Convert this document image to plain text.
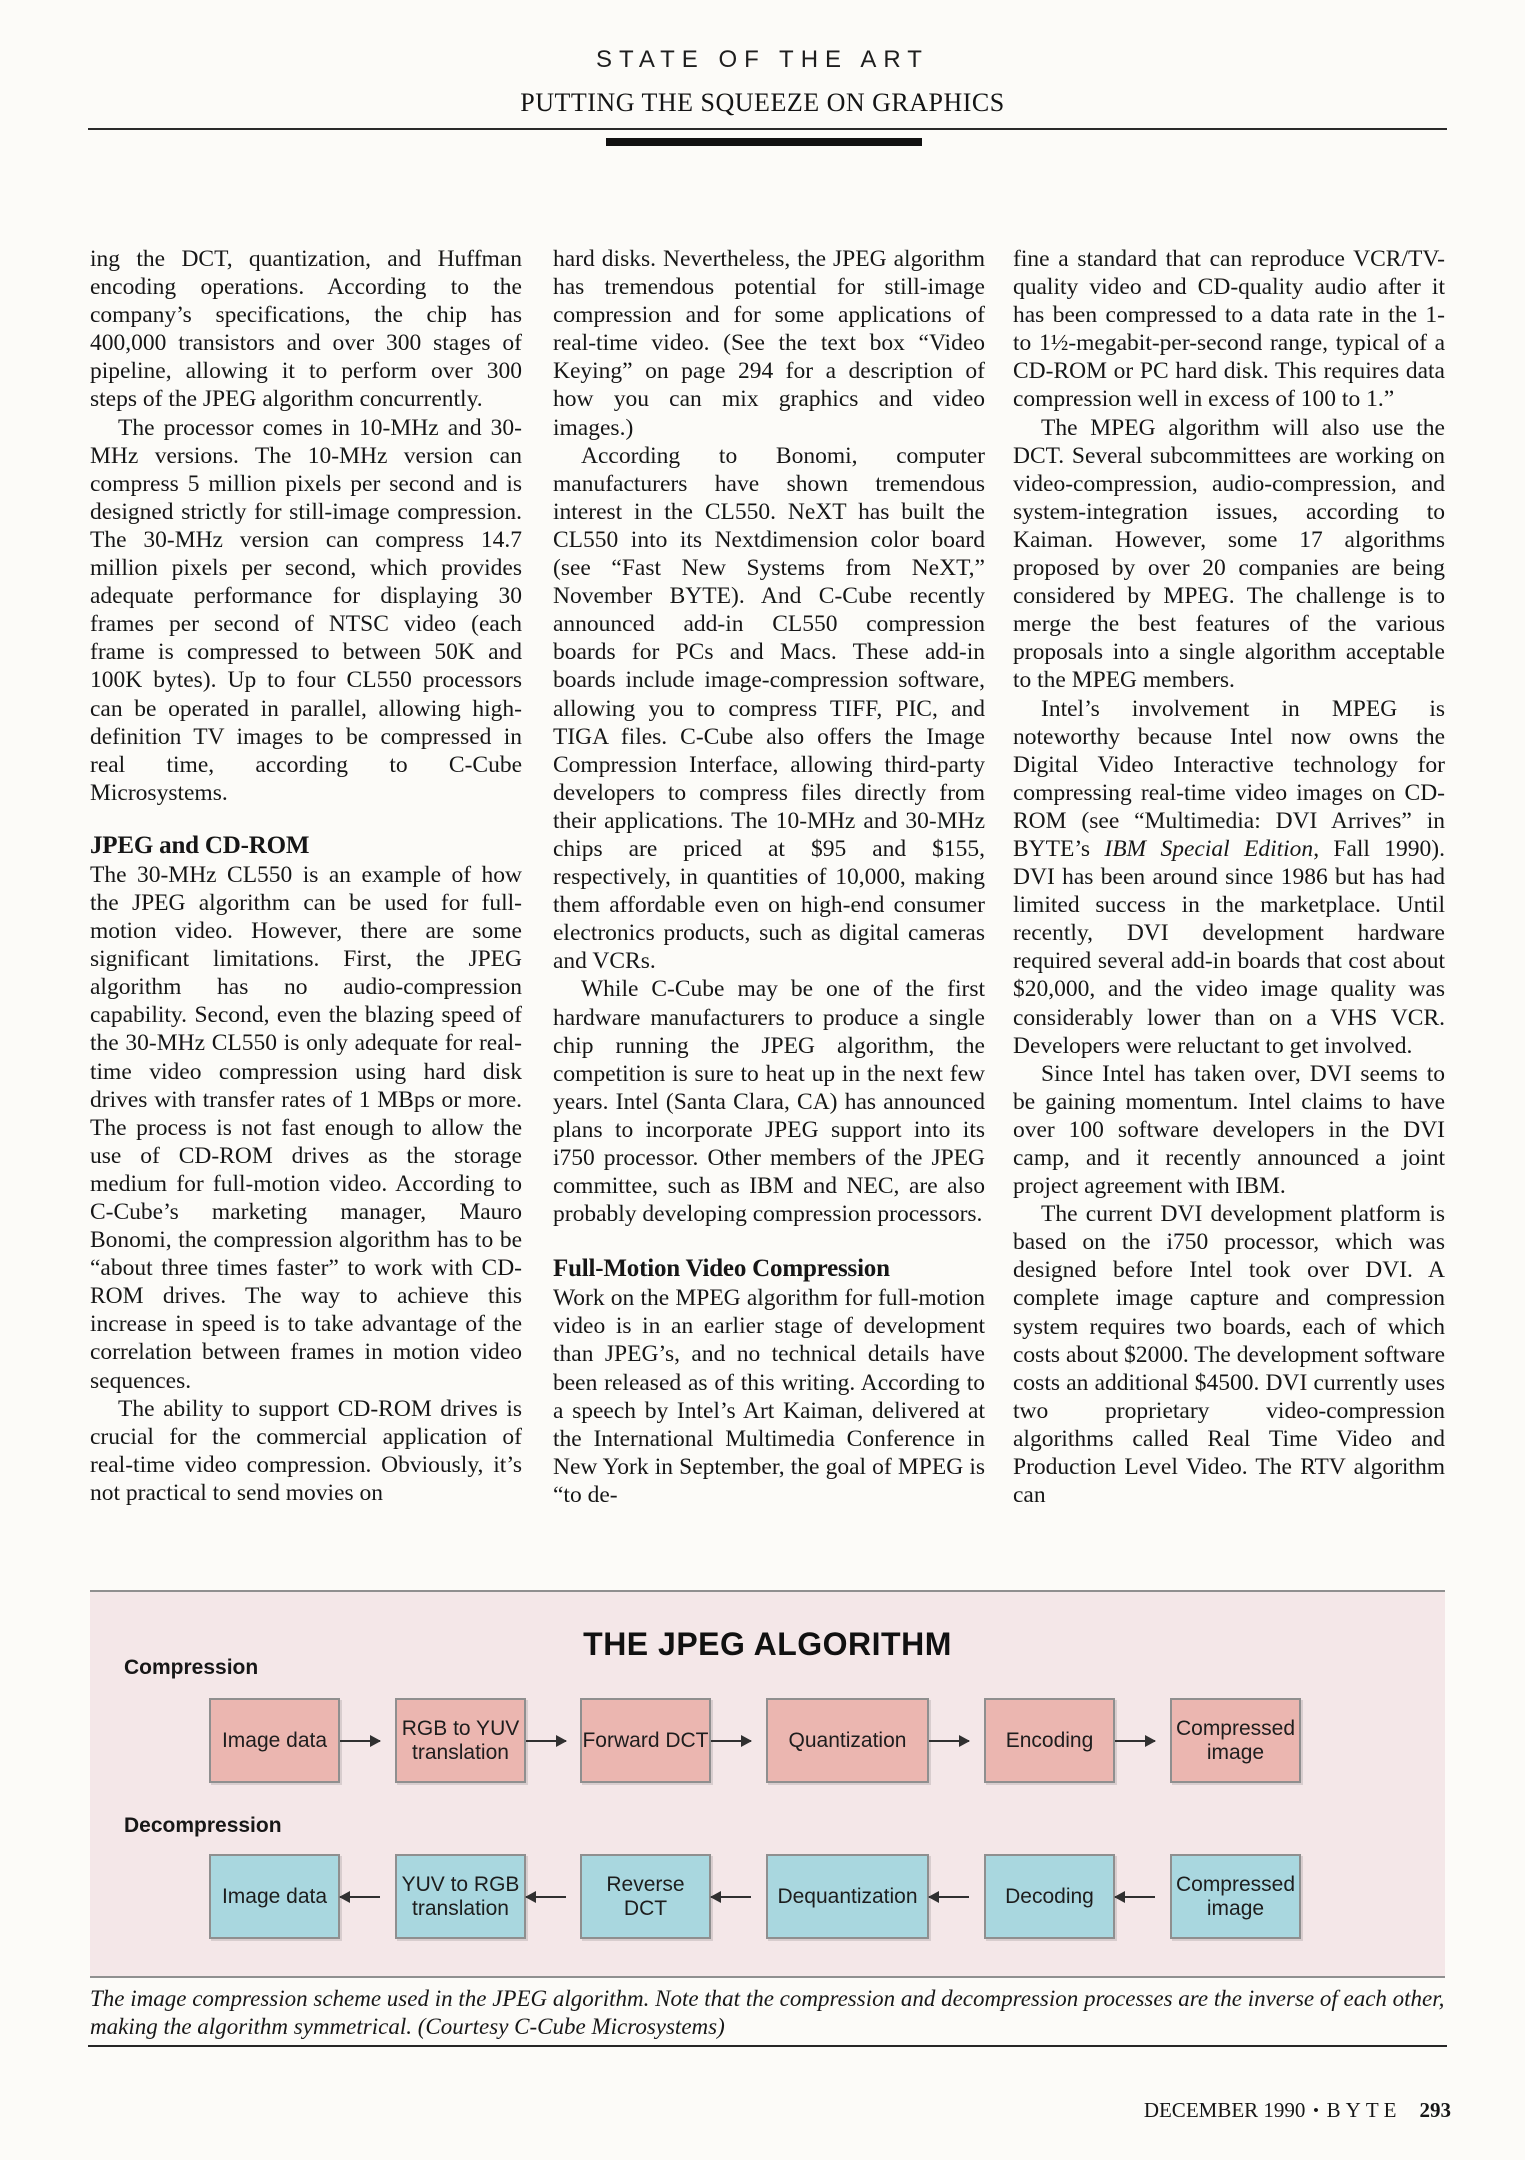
STATE OF THE ART
PUTTING THE SQUEEZE ON GRAPHICS

ing the DCT, quantization, and Huffman encoding operations. According to the company’s specifications, the chip has 400,000 transistors and over 300 stages of pipeline, allowing it to perform over 300 steps of the JPEG algorithm concurrently.

The processor comes in 10-MHz and 30-MHz versions. The 10-MHz version can compress 5 million pixels per second and is designed strictly for still-image compression. The 30-MHz version can compress 14.7 million pixels per second, which provides adequate performance for displaying 30 frames per second of NTSC video (each frame is compressed to between 50K and 100K bytes). Up to four CL550 processors can be operated in parallel, allowing high-definition TV images to be compressed in real time, according to C-Cube Microsystems.

JPEG and CD-ROM

The 30-MHz CL550 is an example of how the JPEG algorithm can be used for full-motion video. However, there are some significant limitations. First, the JPEG algorithm has no audio-compression capability. Second, even the blazing speed of the 30-MHz CL550 is only adequate for real-time video compression using hard disk drives with transfer rates of 1 MBps or more. The process is not fast enough to allow the use of CD-ROM drives as the storage medium for full-motion video. According to C-Cube’s marketing manager, Mauro Bonomi, the compression algorithm has to be “about three times faster” to work with CD-ROM drives. The way to achieve this increase in speed is to take advantage of the correlation between frames in motion video sequences.

The ability to support CD-ROM drives is crucial for the commercial application of real-time video compression. Obviously, it’s not practical to send movies on

hard disks. Nevertheless, the JPEG algorithm has tremendous potential for still-image compression and for some applications of real-time video. (See the text box “Video Keying” on page 294 for a description of how you can mix graphics and video images.)

According to Bonomi, computer manufacturers have shown tremendous interest in the CL550. NeXT has built the CL550 into its Nextdimension color board (see “Fast New Systems from NeXT,” November BYTE). And C-Cube recently announced add-in CL550 compression boards for PCs and Macs. These add-in boards include image-compression software, allowing you to compress TIFF, PIC, and TIGA files. C-Cube also offers the Image Compression Interface, allowing third-party developers to compress files directly from their applications. The 10-MHz and 30-MHz chips are priced at $95 and $155, respectively, in quantities of 10,000, making them affordable even on high-end consumer electronics products, such as digital cameras and VCRs.

While C-Cube may be one of the first hardware manufacturers to produce a single chip running the JPEG algorithm, the competition is sure to heat up in the next few years. Intel (Santa Clara, CA) has announced plans to incorporate JPEG support into its i750 processor. Other members of the JPEG committee, such as IBM and NEC, are also probably developing compression processors.

Full-Motion Video Compression

Work on the MPEG algorithm for full-motion video is in an earlier stage of development than JPEG’s, and no technical details have been released as of this writing. According to a speech by Intel’s Art Kaiman, delivered at the International Multimedia Conference in New York in September, the goal of MPEG is “to de-

fine a standard that can reproduce VCR/TV-quality video and CD-quality audio after it has been compressed to a data rate in the 1- to 1½-megabit-per-second range, typical of a CD-ROM or PC hard disk. This requires data compression well in excess of 100 to 1.”

The MPEG algorithm will also use the DCT. Several subcommittees are working on video-compression, audio-compression, and system-integration issues, according to Kaiman. However, some 17 algorithms proposed by over 20 companies are being considered by MPEG. The challenge is to merge the best features of the various proposals into a single algorithm acceptable to the MPEG members.

Intel’s involvement in MPEG is noteworthy because Intel now owns the Digital Video Interactive technology for compressing real-time video images on CD-ROM (see “Multimedia: DVI Arrives” in BYTE’s IBM Special Edition, Fall 1990). DVI has been around since 1986 but has had limited success in the marketplace. Until recently, DVI development hardware required several add-in boards that cost about $20,000, and the video image quality was considerably lower than on a VHS VCR. Developers were reluctant to get involved.

Since Intel has taken over, DVI seems to be gaining momentum. Intel claims to have over 100 software developers in the DVI camp, and it recently announced a joint project agreement with IBM.

The current DVI development platform is based on the i750 processor, which was designed before Intel took over DVI. A complete image capture and compression system requires two boards, each of which costs about $2000. The development software costs an additional $4500. DVI currently uses two proprietary video-compression algorithms called Real Time Video and Production Level Video. The RTV algorithm can

THE JPEG ALGORITHM
Compression
Image data
RGB to YUV translation
Forward DCT	Quantization	Encoding
Compressed image
Decompression
Image data
YUV to RGB translation
Reverse DCT
Dequantization	Decoding
Compressed image
The image compression scheme used in the JPEG algorithm. Note that the compression and decompression processes are the inverse of each other, making the algorithm symmetrical. (Courtesy C-Cube Microsystems)
DECEMBER 1990 • BYTE 293
